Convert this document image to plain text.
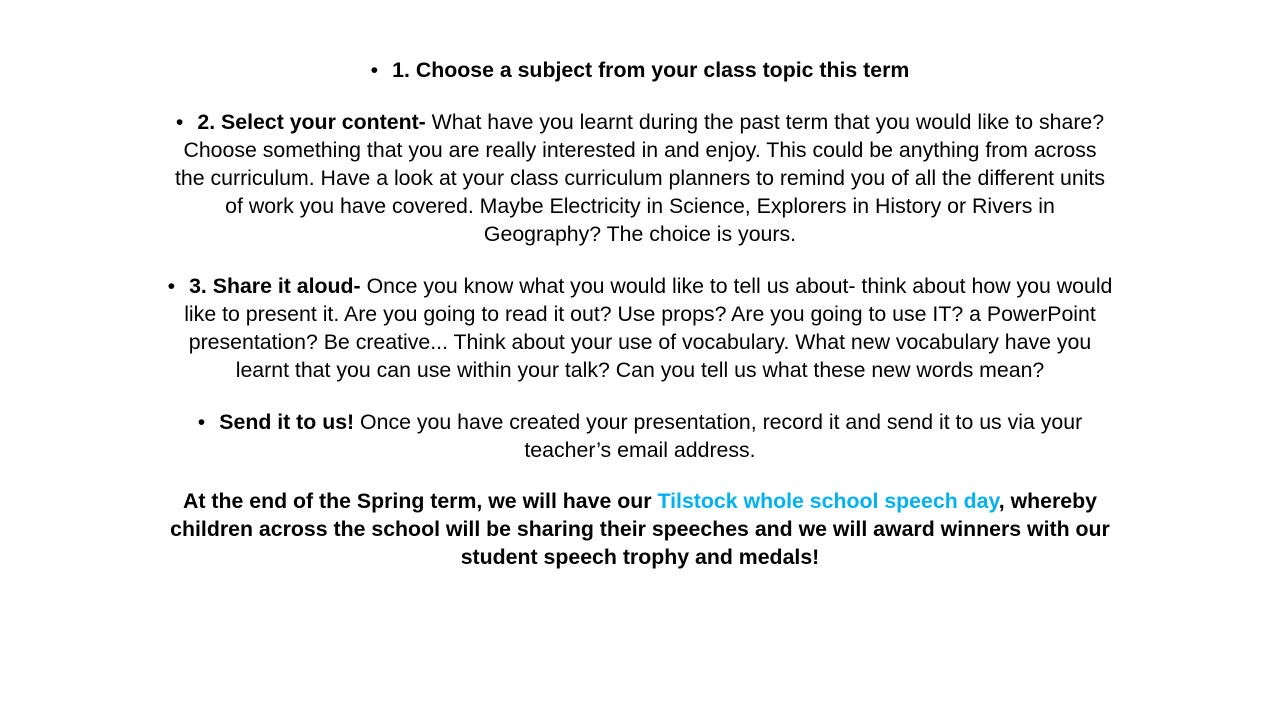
• 1. Choose a subject from your class topic this term
• 2. Select your content- What have you learnt during the past term that you would like to share?
Choose something that you are really interested in and enjoy. This could be anything from across
the curriculum. Have a look at your class curriculum planners to remind you of all the different units
of work you have covered. Maybe Electricity in Science, Explorers in History or Rivers in
Geography? The choice is yours.
• 3. Share it aloud- Once you know what you would like to tell us about- think about how you would
like to present it. Are you going to read it out? Use props? Are you going to use IT? a PowerPoint
presentation? Be creative... Think about your use of vocabulary. What new vocabulary have you
learnt that you can use within your talk? Can you tell us what these new words mean?
• Send it to us! Once you have created your presentation, record it and send it to us via your
teacher’s email address.
At the end of the Spring term, we will have our Tilstock whole school speech day, whereby
children across the school will be sharing their speeches and we will award winners with our
student speech trophy and medals!
